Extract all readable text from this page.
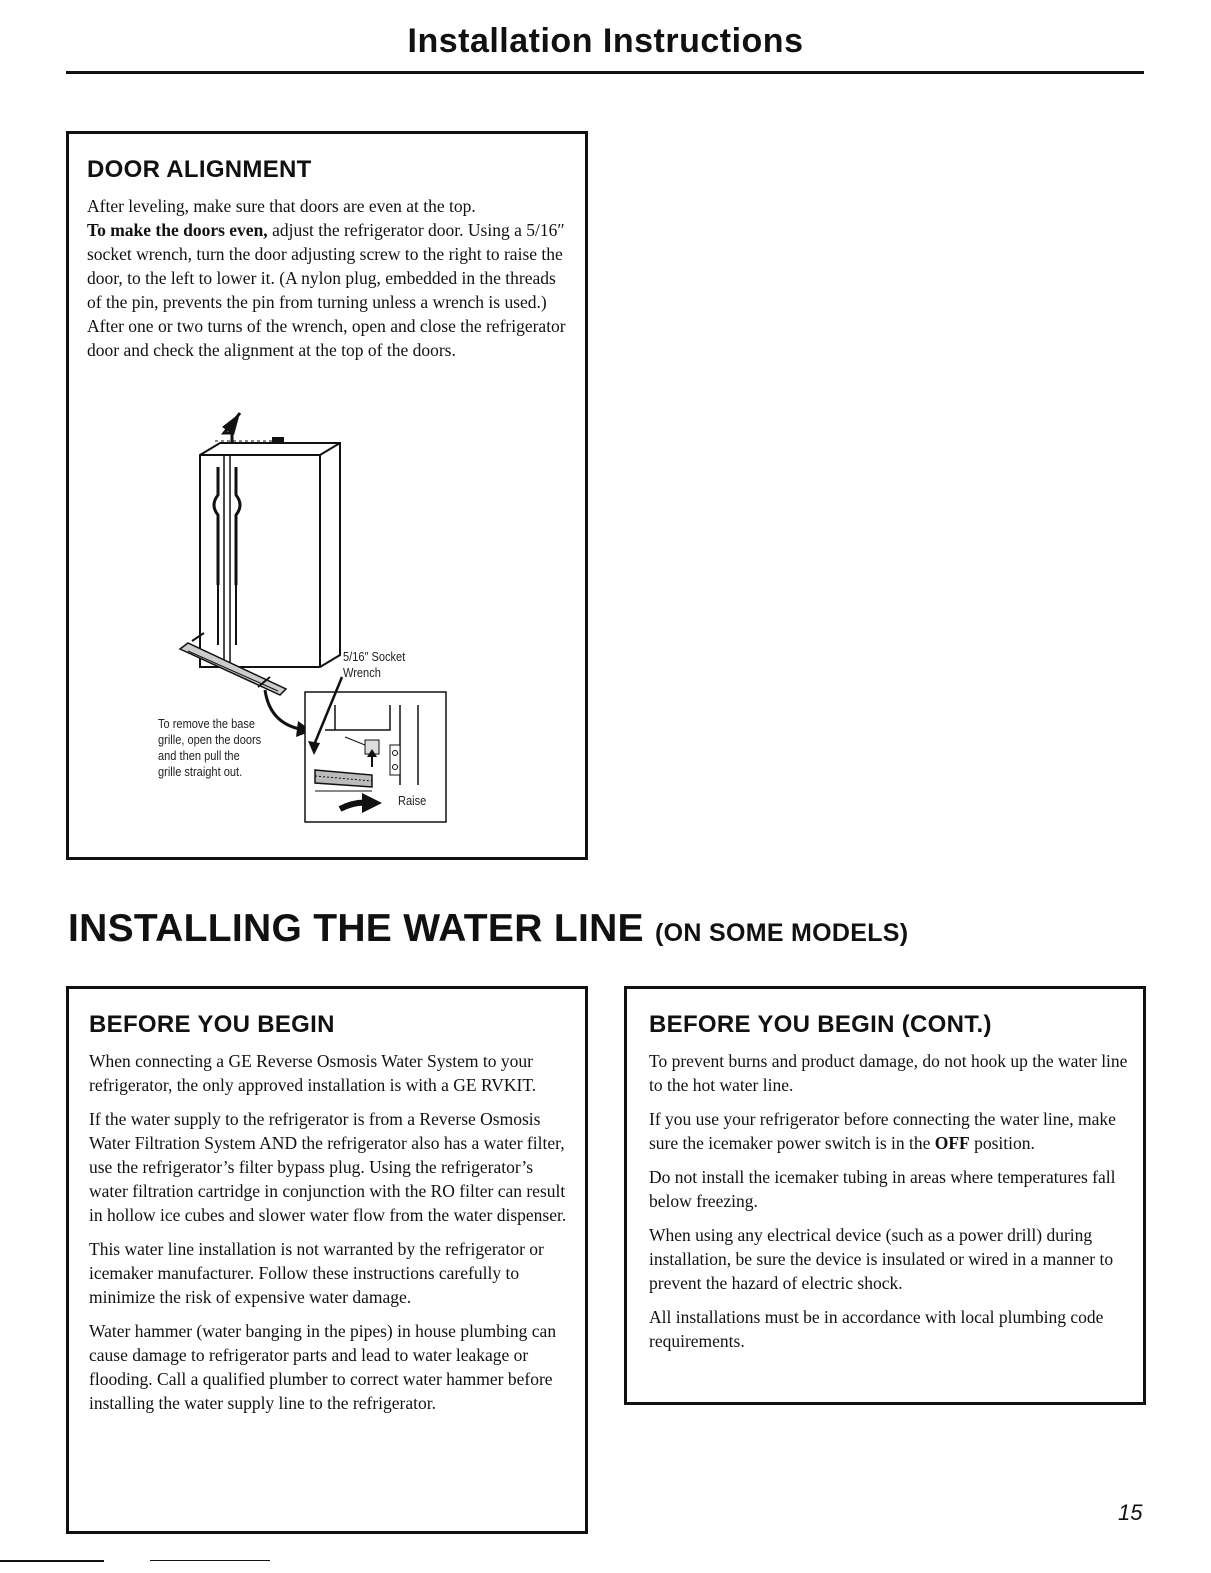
Installation Instructions
DOOR ALIGNMENT

After leveling, make sure that doors are even at the top.

To make the doors even, adjust the refrigerator door. Using a 5/16″ socket wrench, turn the door adjusting screw to the right to raise the door, to the left to lower it. (A nylon plug, embedded in the threads of the pin, prevents the pin from turning unless a wrench is used.) After one or two turns of the wrench, open and close the refrigerator door and check the alignment at the top of the doors.

5/16″ Socket
Wrench
To remove the base
grille, open the doors
and then pull the
grille straight out.
Raise
INSTALLING THE WATER LINE (ON SOME MODELS)
BEFORE YOU BEGIN

When connecting a GE Reverse Osmosis Water System to your refrigerator, the only approved installation is with a GE RVKIT.

If the water supply to the refrigerator is from a Reverse Osmosis Water Filtration System AND the refrigerator also has a water filter, use the refrigerator’s filter bypass plug. Using the refrigerator’s water filtration cartridge in conjunction with the RO filter can result in hollow ice cubes and slower water flow from the water dispenser.

This water line installation is not warranted by the refrigerator or icemaker manufacturer. Follow these instructions carefully to minimize the risk of expensive water damage.

Water hammer (water banging in the pipes) in house plumbing can cause damage to refrigerator parts and lead to water leakage or flooding. Call a qualified plumber to correct water hammer before installing the water supply line to the refrigerator.

BEFORE YOU BEGIN (CONT.)

To prevent burns and product damage, do not hook up the water line to the hot water line.

If you use your refrigerator before connecting the water line, make sure the icemaker power switch is in the OFF position.

Do not install the icemaker tubing in areas where temperatures fall below freezing.

When using any electrical device (such as a power drill) during installation, be sure the device is insulated or wired in a manner to prevent the hazard of electric shock.

All installations must be in accordance with local plumbing code requirements.

15
